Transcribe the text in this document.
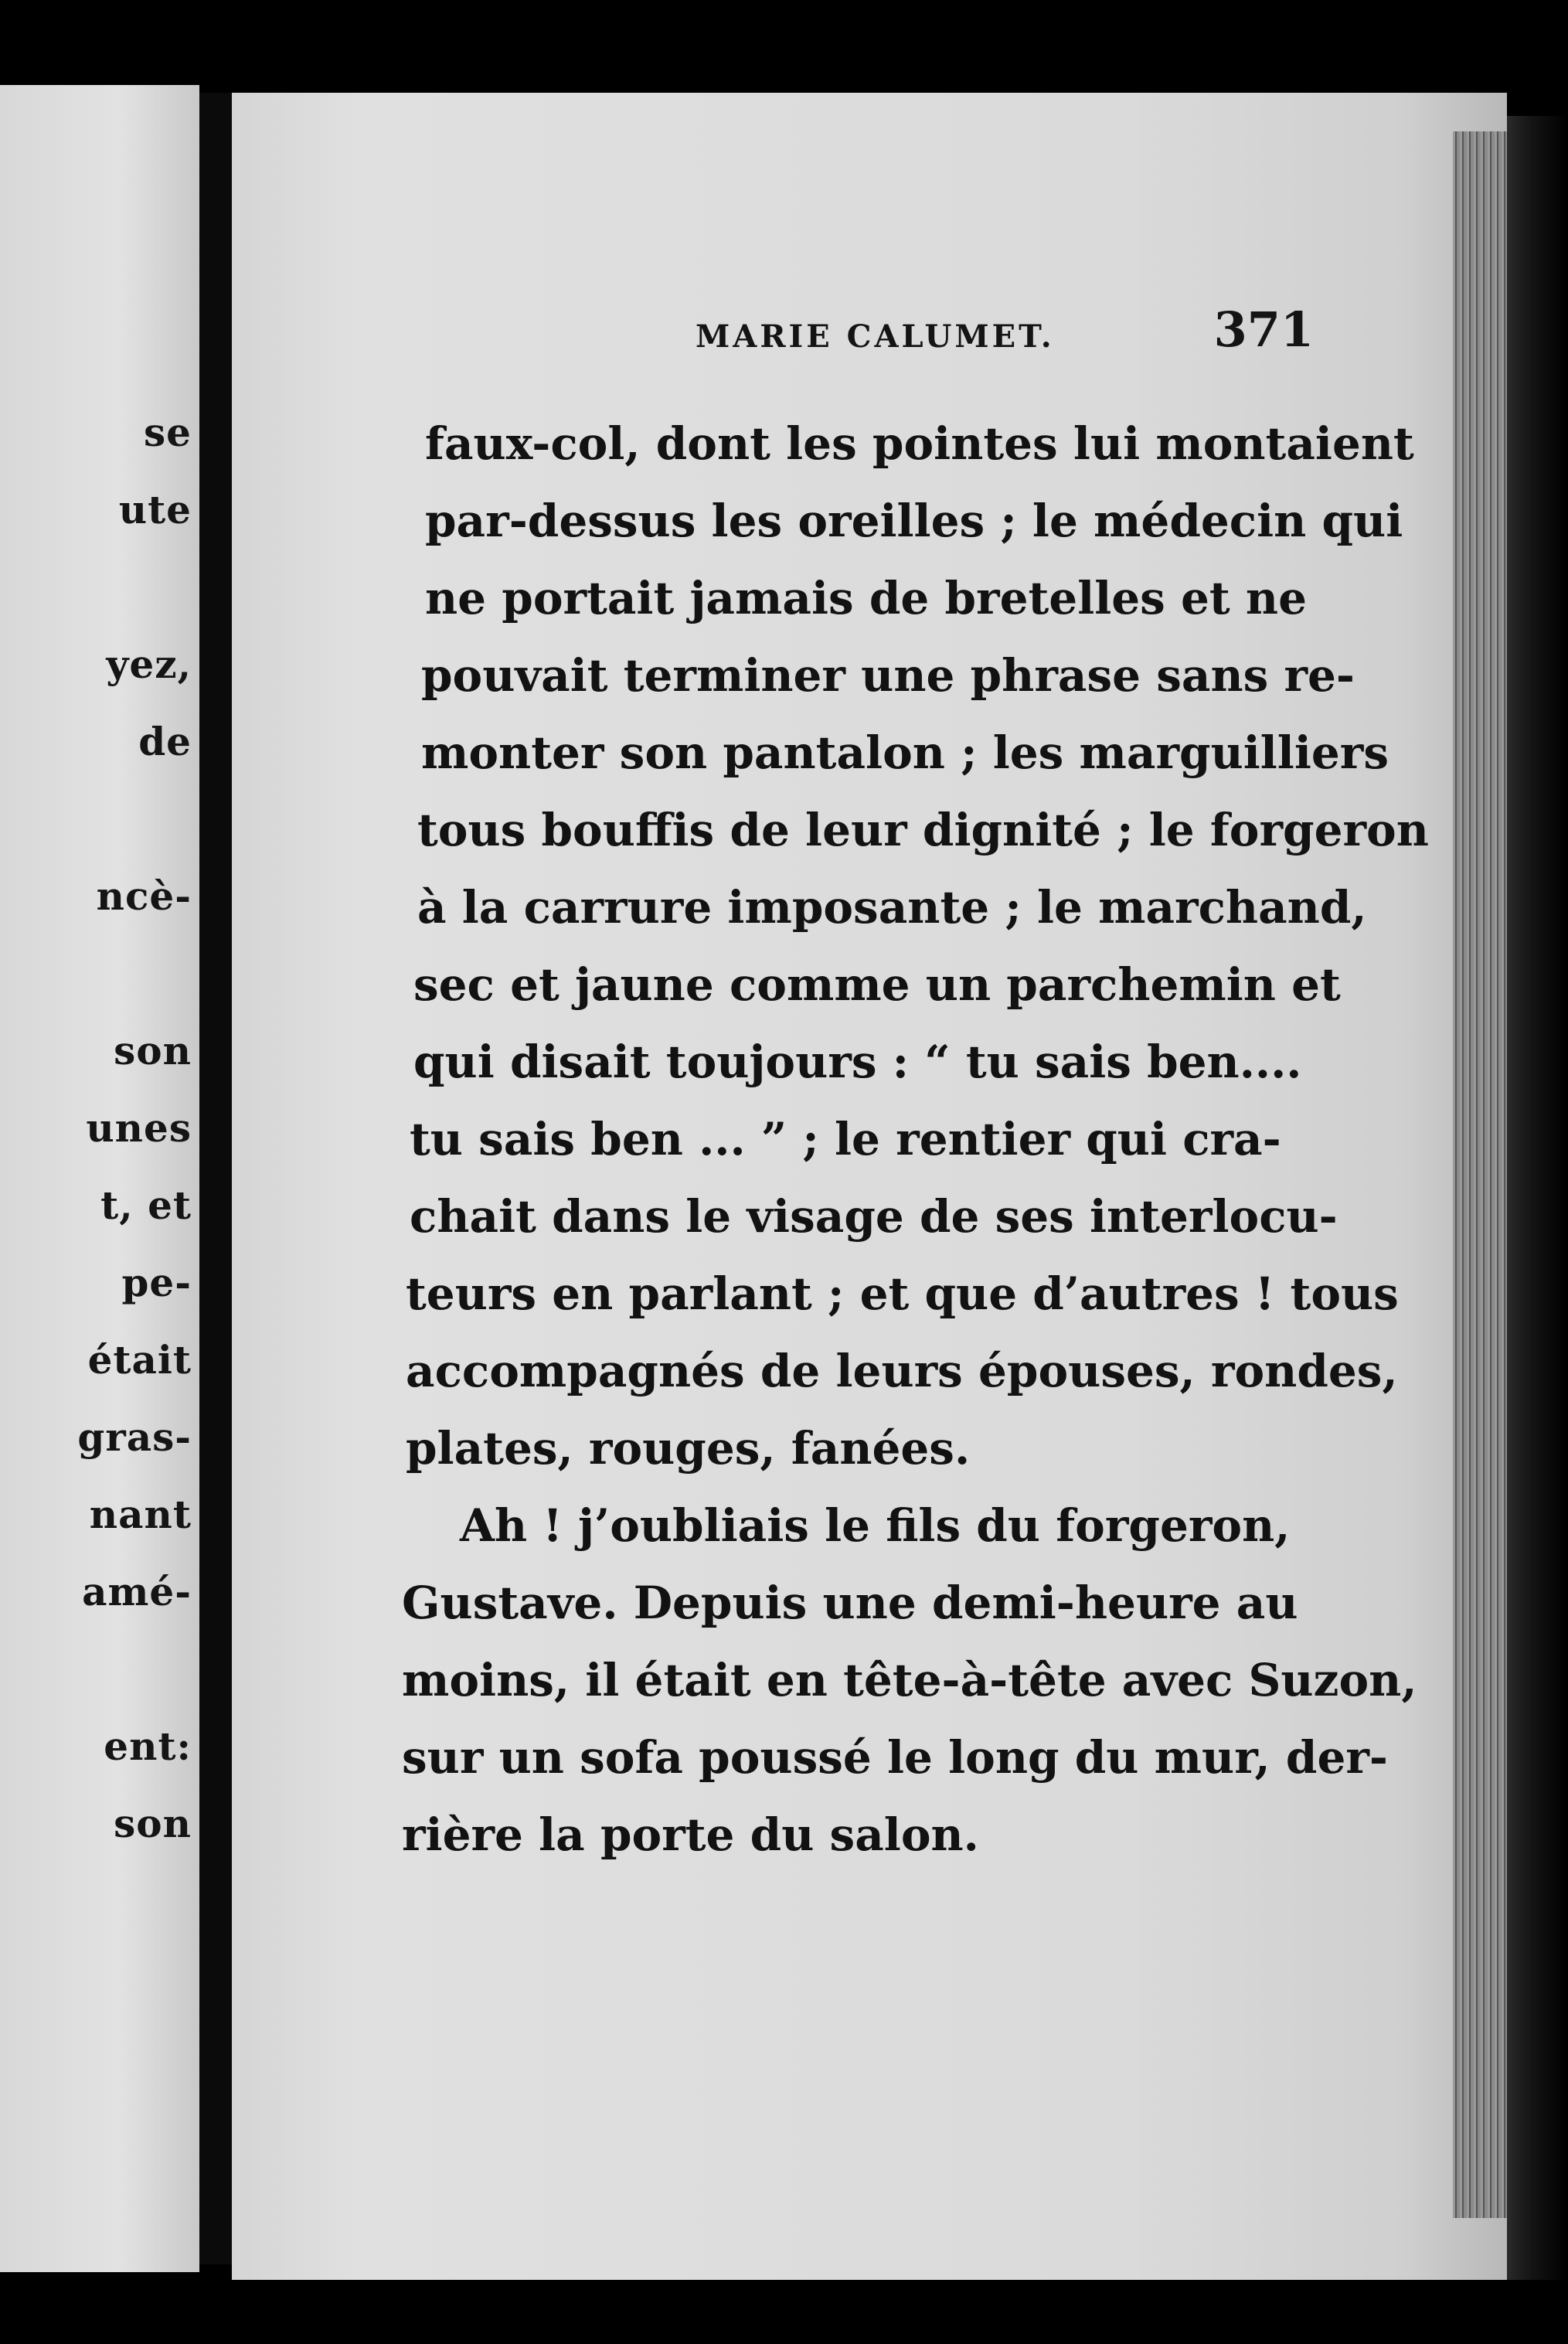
se
ute
yez,
de
ncè-
son
unes
t, et
pe-
était
gras-
nant
amé-
ent:
son
MARIE CALUMET.	371
faux-col, dont les pointes lui montaient
par-dessus les oreilles ; le médecin qui
ne portait jamais de bretelles et ne
pouvait terminer une phrase sans re-
monter son pantalon ; les marguilliers
tous bouffis de leur dignité ; le forgeron
à la carrure imposante ; le marchand,
sec et jaune comme un parchemin et
qui disait toujours : “ tu sais ben....
tu sais ben ... ” ; le rentier qui cra-
chait dans le visage de ses interlocu-
teurs en parlant ; et que d’autres ! tous
accompagnés de leurs épouses, rondes,
plates, rouges, fanées.
Ah ! j’oubliais le fils du forgeron,
Gustave. Depuis une demi-heure au
moins, il était en tête-à-tête avec Suzon,
sur un sofa poussé le long du mur, der-
rière la porte du salon.
